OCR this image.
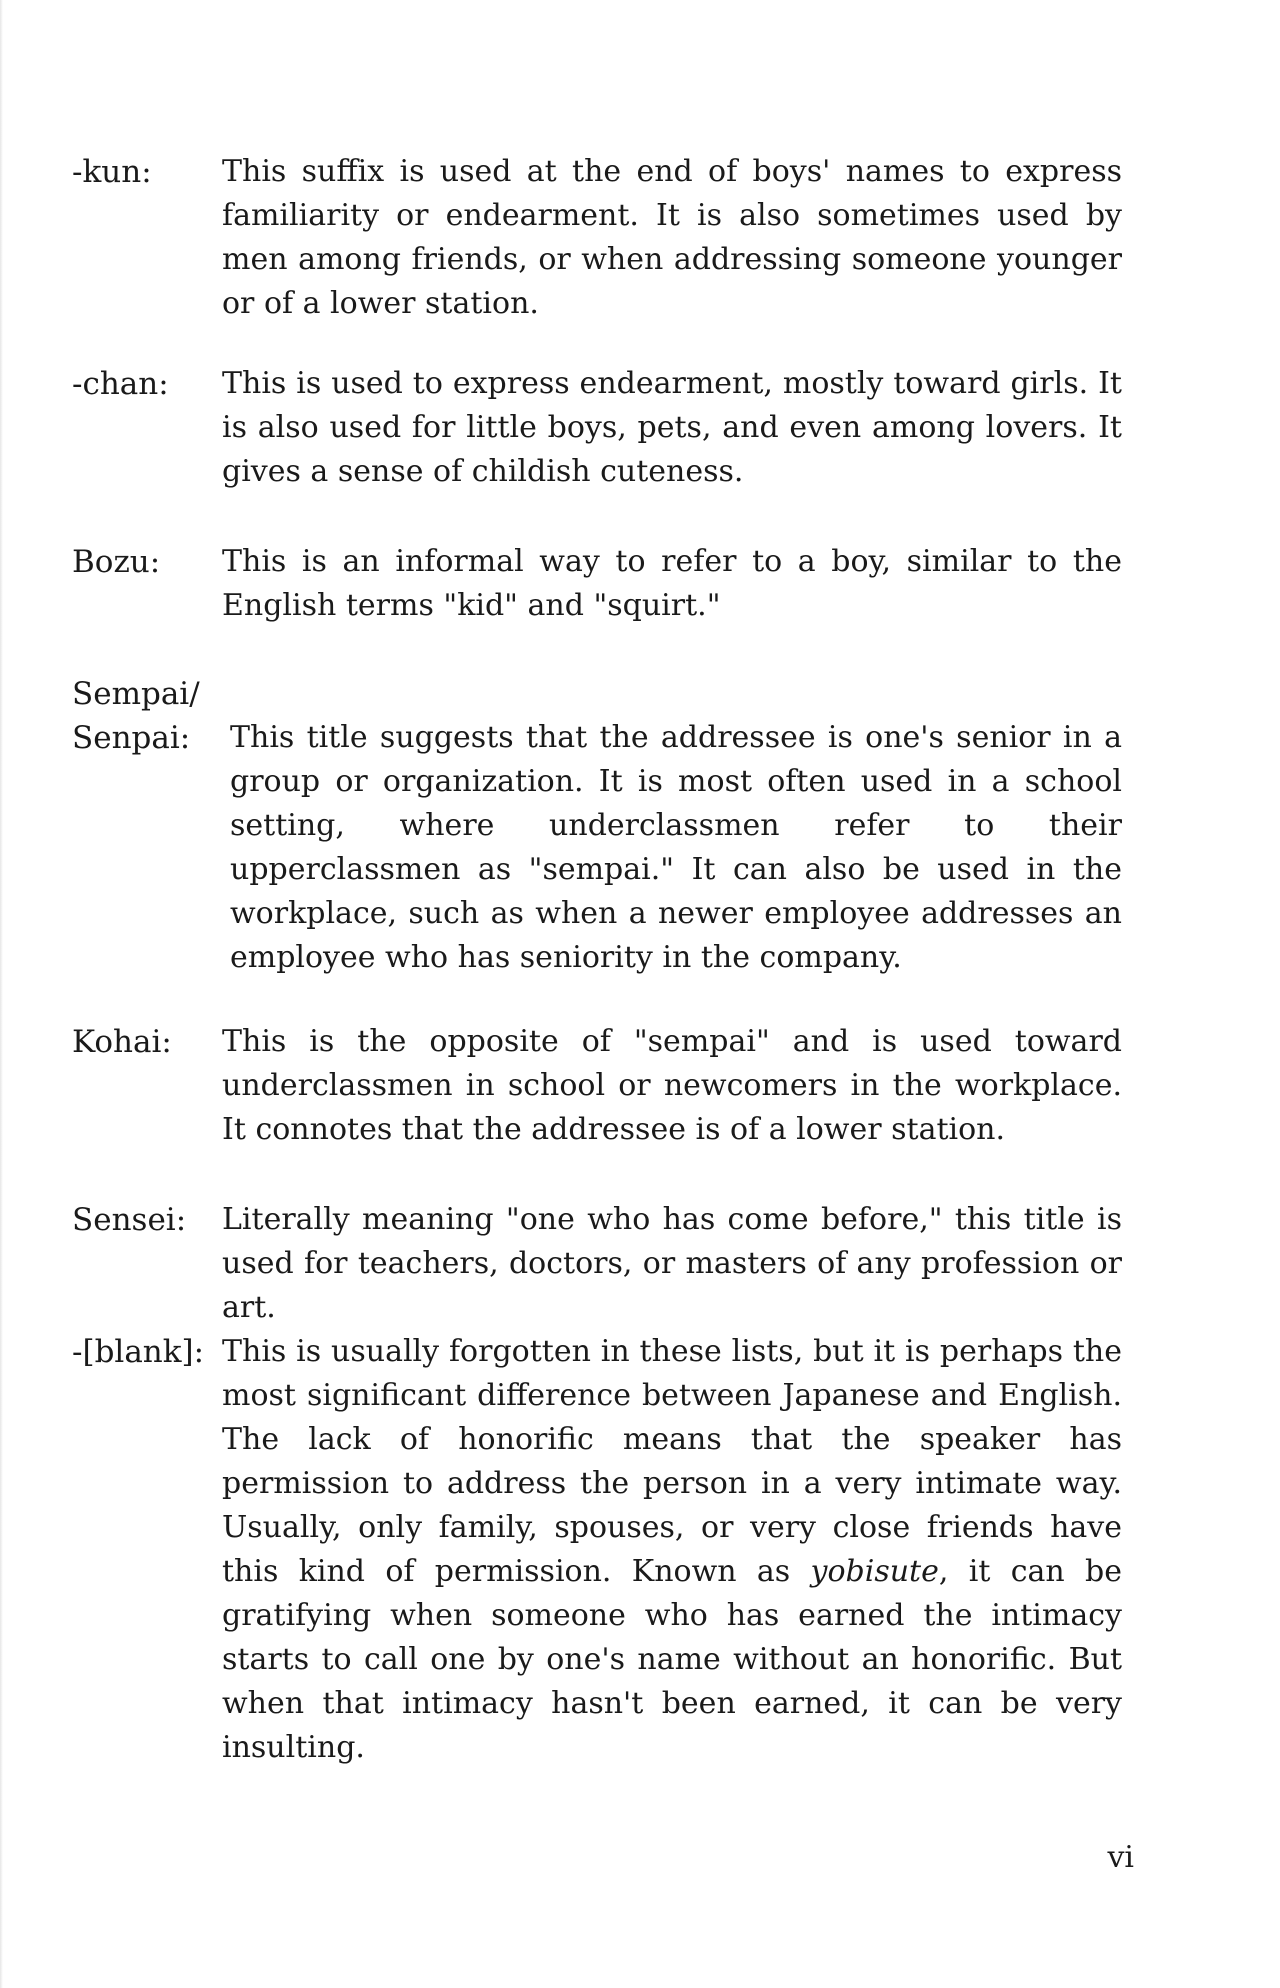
-kun: This suffix is used at the end of boys' names to express familiarity or endearment. It is also sometimes used by men among friends, or when addressing someone younger or of a lower station.
-chan: This is used to express endearment, mostly toward girls. It is also used for little boys, pets, and even among lovers. It gives a sense of childish cuteness.
Bozu: This is an informal way to refer to a boy, similar to the English terms "kid" and "squirt."
Sempai/
Senpai:	This title suggests that the addressee is one's senior in a group or organization. It is most often used in a school setting, where underclassmen refer to their upperclassmen as "sempai." It can also be used in the workplace, such as when a newer employee addresses an employee who has seniority in the company.
Kohai: This is the opposite of "sempai" and is used toward underclassmen in school or newcomers in the workplace. It connotes that the addressee is of a lower station.
Sensei: Literally meaning "one who has come before," this title is used for teachers, doctors, or masters of any profession or art.
-[blank]: This is usually forgotten in these lists, but it is perhaps the most significant difference between Japanese and English. The lack of honorific means that the speaker has permission to address the person in a very intimate way. Usually, only family, spouses, or very close friends have this kind of permission. Known as yobisute, it can be gratifying when someone who has earned the intimacy starts to call one by one's name without an honorific. But when that intimacy hasn't been earned, it can be very insulting.
vi
